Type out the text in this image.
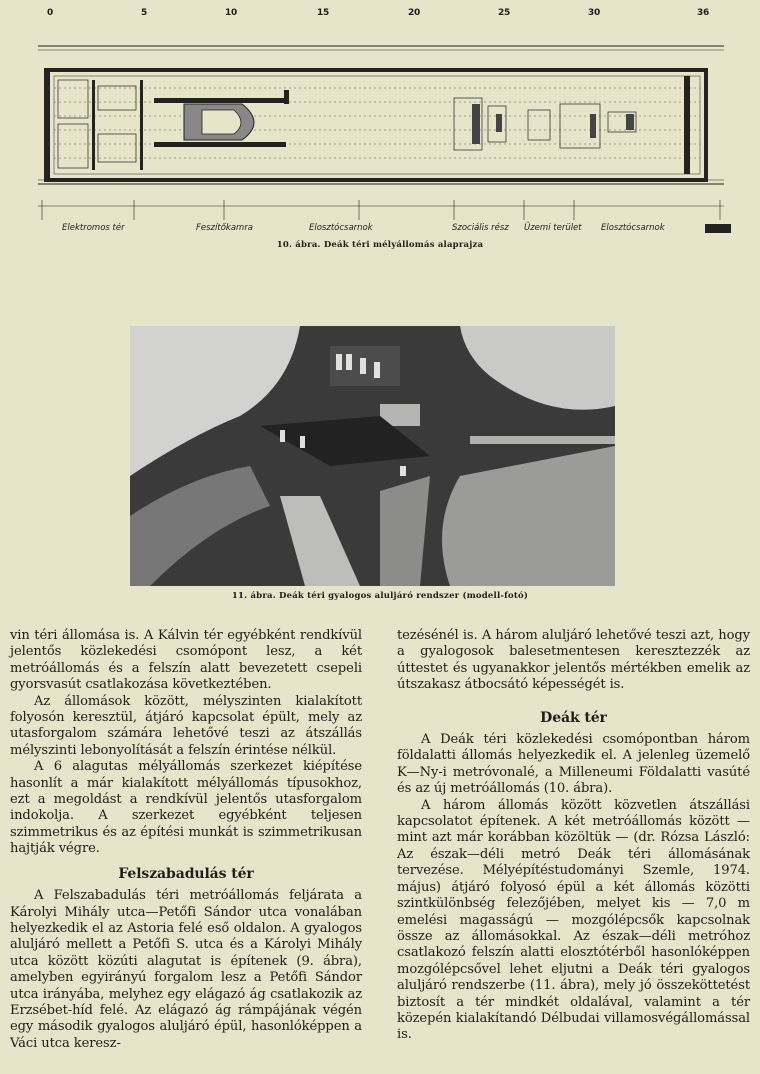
0	5	10	15	20	25	30	36
Elektromos tér	Feszítőkamra	Elosztócsarnok	Szociális rész Üzemi terület Elosztócsarnok
10. ábra. Deák téri mélyállomás alaprajza
11. ábra. Deák téri gyalogos aluljáró rendszer (modell-fotó)

vin téri állomása is. A Kálvin tér egyébként rendkívül jelentős közlekedési csomópont lesz, a két metróállomás és a felszín alatt bevezetett csepeli gyorsvasút csatlakozása következtében.

Az állomások között, mélyszinten kialakított folyosón keresztül, átjáró kapcsolat épült, mely az utasforgalom számára lehetővé teszi az átszállás mélyszinti lebonyolítását a felszín érintése nélkül.

A 6 alagutas mélyállomás szerkezet kiépítése hasonlít a már kialakított mélyállomás típusokhoz, ezt a megoldást a rendkívül jelentős utasforgalom indokolja. A szerkezet egyébként teljesen szimmetrikus és az építési munkát is szimmetrikusan hajtják végre.

Felszabadulás tér

A Felszabadulás téri metróállomás feljárata a Károlyi Mihály utca—Petőfi Sándor utca vonalában helyezkedik el az Astoria felé eső oldalon. A gyalogos aluljáró mellett a Petőfi S. utca és a Károlyi Mihály utca között közúti alagutat is építenek (9. ábra), amelyben egyirányú forgalom lesz a Petőfi Sándor utca irányába, melyhez egy elágazó ág csatlakozik az Erzsébet-híd felé. Az elágazó ág rámpájának végén egy második gyalogos aluljáró épül, hasonlóképpen a Váci utca keresz-

tezésénél is. A három aluljáró lehetővé teszi azt, hogy a gyalogosok balesetmentesen keresztezzék az úttestet és ugyanakkor jelentős mértékben emelik az útszakasz átbocsátó képességét is.

Deák tér

A Deák téri közlekedési csomópontban három földalatti állomás helyezkedik el. A jelenleg üzemelő K—Ny-i metróvonalé, a Milleneumi Földalatti vasúté és az új metróállomás (10. ábra).

A három állomás között közvetlen átszállási kapcsolatot építenek. A két metróállomás között — mint azt már korábban közöltük — (dr. Rózsa László: Az észak—déli metró Deák téri állomásának tervezése. Mélyépítéstudományi Szemle, 1974. május) átjáró folyosó épül a két állomás közötti szintkülönbség felezőjében, melyet kis — 7,0 m emelési magasságú — mozgólépcsők kapcsolnak össze az állomásokkal. Az észak—déli metróhoz csatlakozó felszín alatti elosztótérből hasonlóképpen mozgólépcsővel lehet eljutni a Deák téri gyalogos aluljáró rendszerbe (11. ábra), mely jó összeköttetést biztosít a tér mindkét oldalával, valamint a tér közepén kialakítandó Délbudai villamosvégállomással is.
